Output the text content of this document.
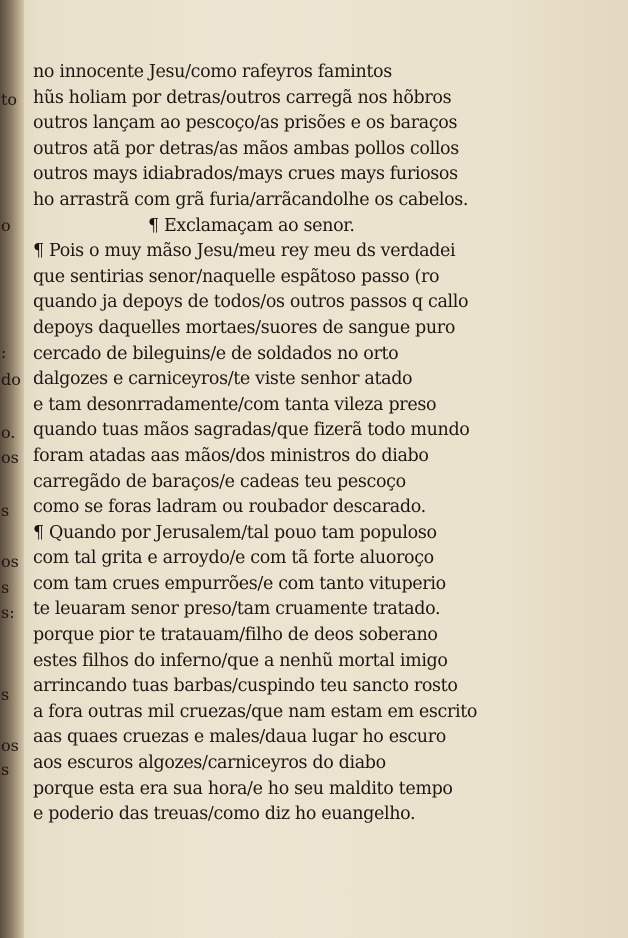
to
o
:
do
o.
os
s
os
s
s:
s
os
s
no innocente Jesu/como rafeyros famintos
hũs holiam por detras/outros carregã nos hõbros
outros lançam ao pescoço/as prisões e os baraços
outros atã por detras/as mãos ambas pollos collos
outros mays idiabrados/mays crues mays furiosos
ho arrastrã com grã furia/arrãcandolhe os cabelos.
¶ Exclamaçam ao senor.
¶ Pois o muy mãso Jesu/meu rey meu ds verdadei
que sentirias senor/naquelle espãtoso passo (ro
quando ja depoys de todos/os outros passos q callo
depoys daquelles mortaes/suores de sangue puro
cercado de bileguins/e de soldados no orto
dalgozes e carniceyros/te viste senhor atado
e tam desonrradamente/com tanta vileza preso
quando tuas mãos sagradas/que fizerã todo mundo
foram atadas aas mãos/dos ministros do diabo
carregãdo de baraços/e cadeas teu pescoço
como se foras ladram ou roubador descarado.
¶ Quando por Jerusalem/tal pouo tam populoso
com tal grita e arroydo/e com tã forte aluoroço
com tam crues empurrões/e com tanto vituperio
te leuaram senor preso/tam cruamente tratado.
porque pior te tratauam/filho de deos soberano
estes filhos do inferno/que a nenhũ mortal imigo
arrincando tuas barbas/cuspindo teu sancto rosto
a fora outras mil cruezas/que nam estam em escrito
aas quaes cruezas e males/daua lugar ho escuro
aos escuros algozes/carniceyros do diabo
porque esta era sua hora/e ho seu maldito tempo
e poderio das treuas/como diz ho euangelho.
